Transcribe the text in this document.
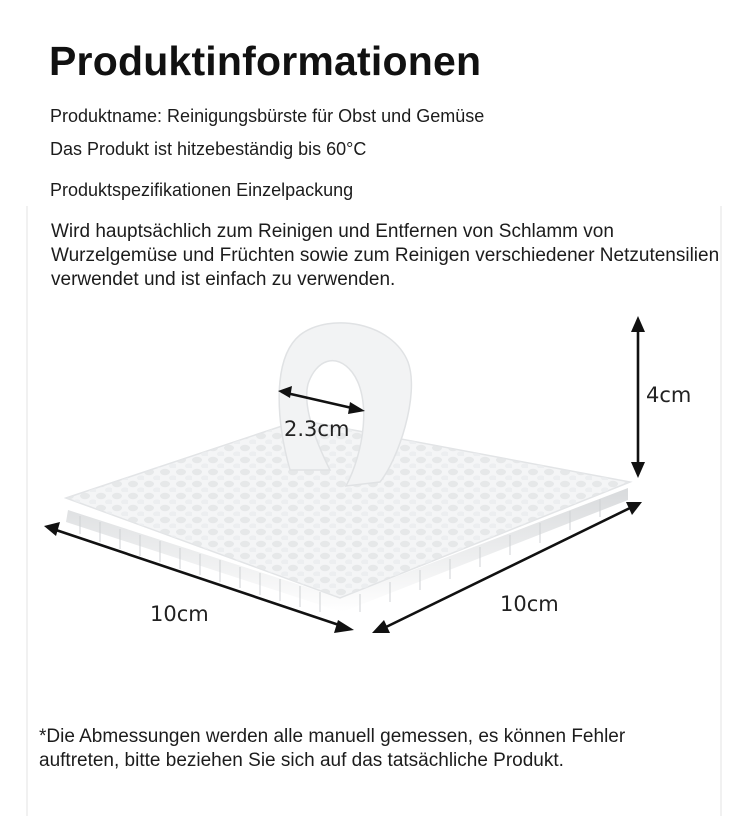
Produktinformationen
Produktname: Reinigungsbürste für Obst und Gemüse
Das Produkt ist hitzebeständig bis 60°C
Produktspezifikationen Einzelpackung
Wird hauptsächlich zum Reinigen und Entfernen von Schlamm von Wurzelgemüse und Früchten sowie zum Reinigen verschiedener Netzutensilien verwendet und ist einfach zu verwenden.
2.3cm
4cm
10cm	10cm
*Die Abmessungen werden alle manuell gemessen, es können Fehler auftreten, bitte beziehen Sie sich auf das tatsächliche Produkt.
